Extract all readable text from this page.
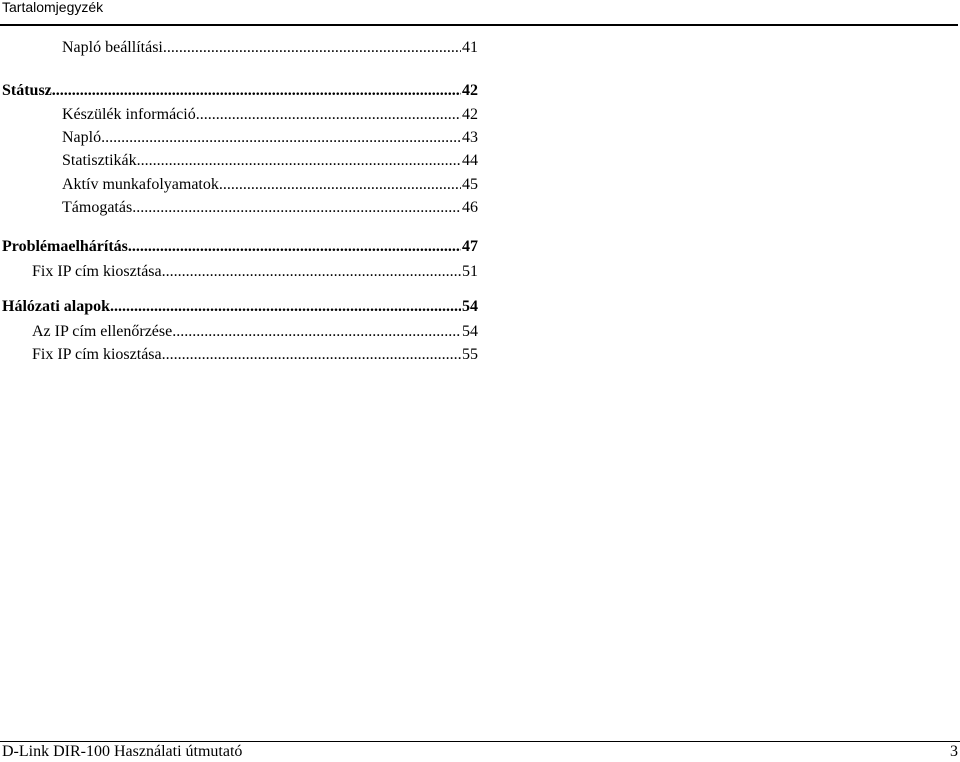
Tartalomjegyzék
Napló beállítási .....	41
Státusz .....	42
Készülék információ .....	42
Napló .....	43
Statisztikák .....	44
Aktív munkafolyamatok .....	45
Támogatás .....	46
Problémaelhárítás .....	47
Fix IP cím kiosztása .....	51
Hálózati alapok .....	54
Az IP cím ellenőrzése .....	54
Fix IP cím kiosztása .....	55
D-Link DIR-100 Használati útmutató	3
